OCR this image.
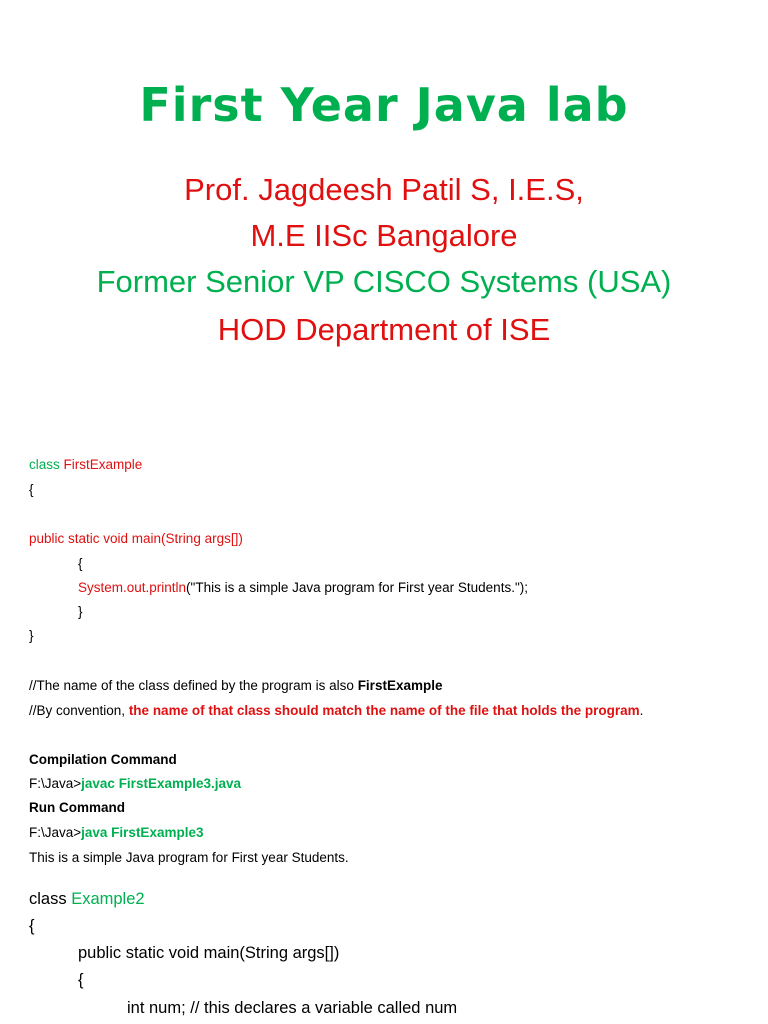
First Year Java lab
Prof. Jagdeesh Patil S, I.E.S,
M.E IISc Bangalore
Former Senior VP CISCO Systems (USA)
HOD Department of ISE
class FirstExample
{
public static void main(String args[])
{
System.out.println("This is a simple Java program for First year Students.");
}
}
//The name of the class defined by the program is also FirstExample
//By convention, the name of that class should match the name of the file that holds the program.
Compilation Command
F:\Java>javac FirstExample3.java
Run Command
F:\Java>java FirstExample3
This is a simple Java program for First year Students.
class Example2
{
public static void main(String args[])
{
int num; // this declares a variable called num
